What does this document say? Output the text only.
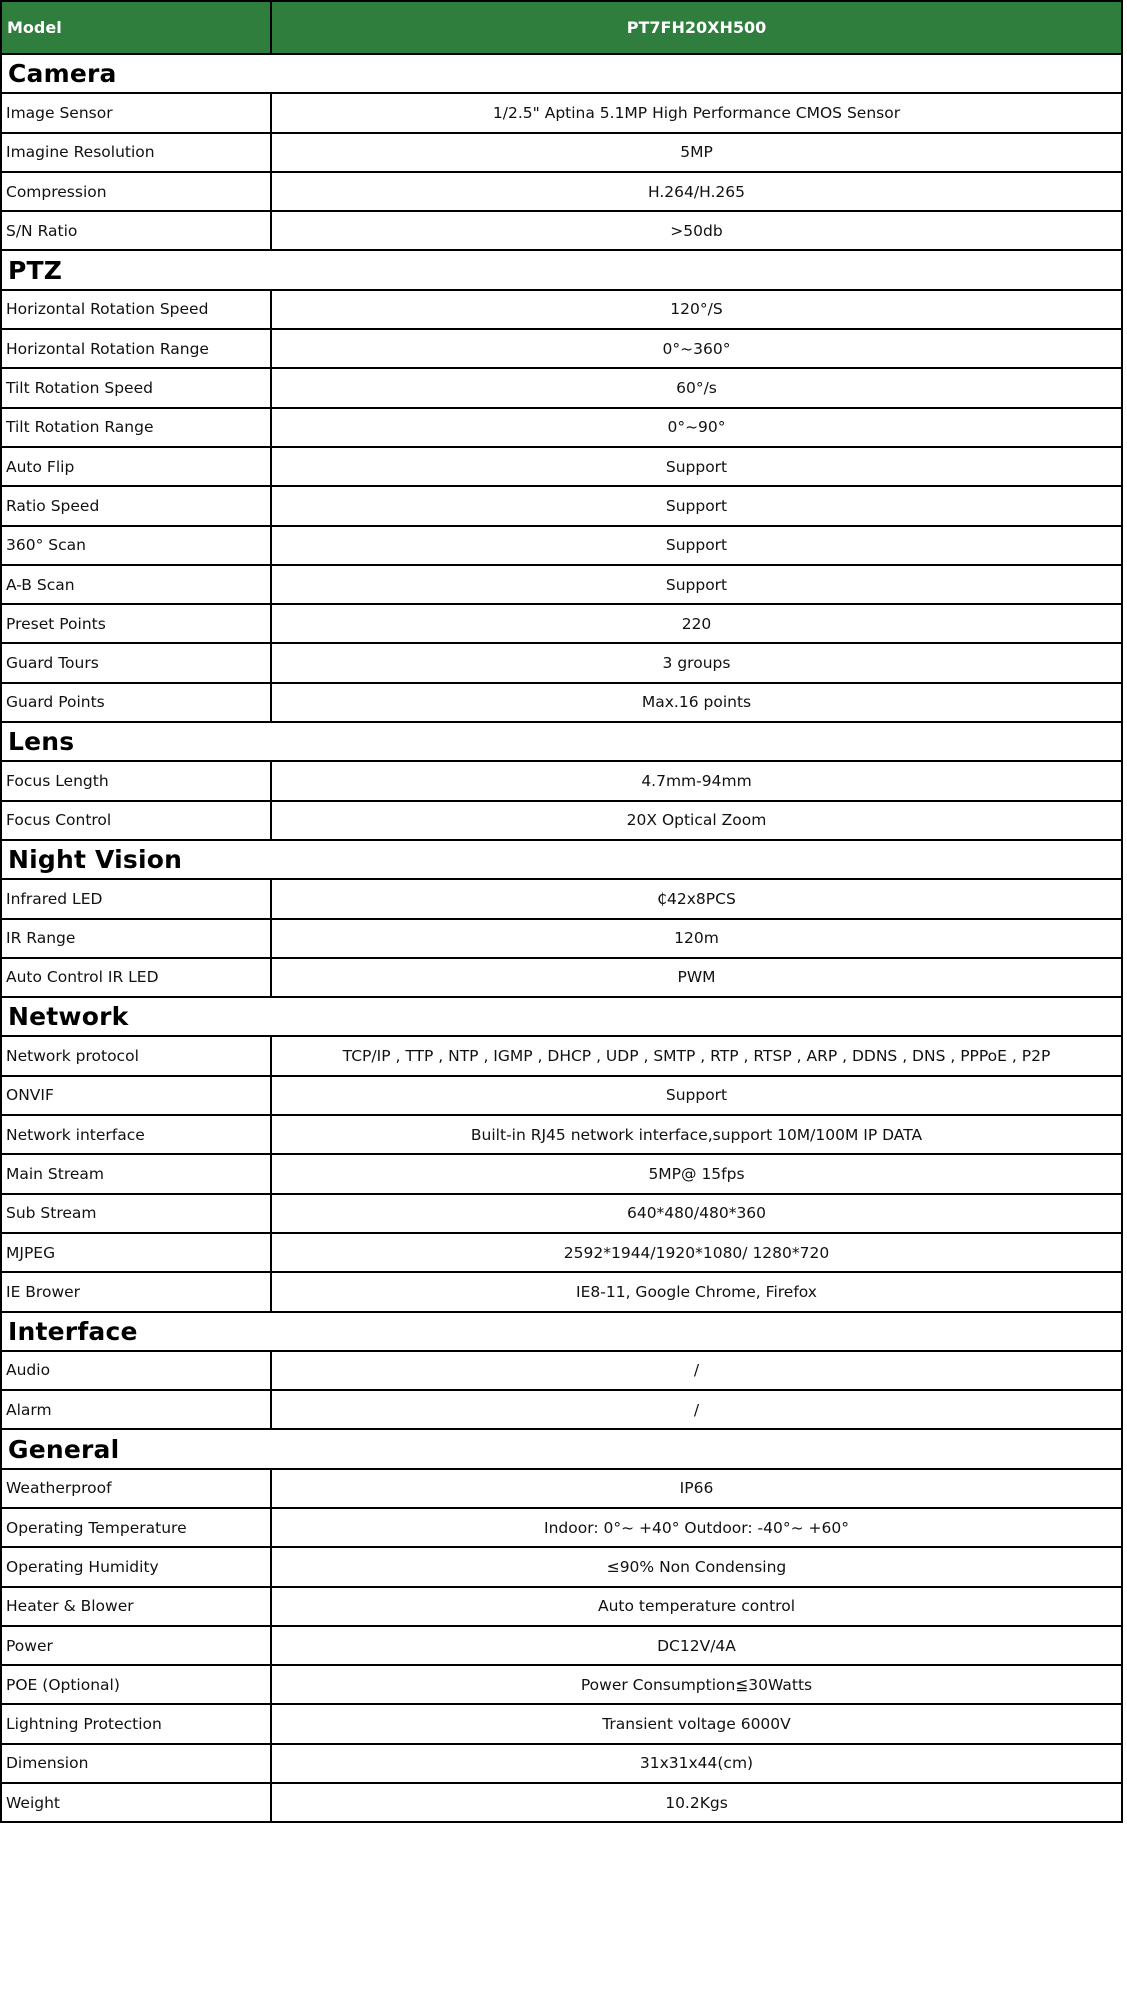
Model	PT7FH20XH500
Camera	
Image Sensor	1/2.5" Aptina 5.1MP High Performance CMOS Sensor
Imagine Resolution	5MP
Compression	H.264/H.265
S/N Ratio	>50db
PTZ	
Horizontal Rotation Speed	120°/S
Horizontal Rotation Range	0°~360°
Tilt Rotation Speed	60°/s
Tilt Rotation Range	0°~90°
Auto Flip	Support
Ratio Speed	Support
360° Scan	Support
A-B Scan	Support
Preset Points	220
Guard Tours	3 groups
Guard Points	Max.16 points
Lens	
Focus Length	4.7mm-94mm
Focus Control	20X Optical Zoom
Night Vision	
Infrared LED	₵42x8PCS
IR Range	120m
Auto Control IR LED	PWM
Network	
Network protocol	TCP/IP , TTP , NTP , IGMP , DHCP , UDP , SMTP , RTP , RTSP , ARP , DDNS , DNS , PPPoE , P2P
ONVIF	Support
Network interface	Built-in RJ45 network interface,support 10M/100M IP DATA
Main Stream	5MP@ 15fps
Sub Stream	640*480/480*360
MJPEG	2592*1944/1920*1080/ 1280*720
IE Brower	IE8-11, Google Chrome, Firefox
Interface	
Audio	/
Alarm	/
General	
Weatherproof	IP66
Operating Temperature	Indoor: 0°~ +40° Outdoor: -40°~ +60°
Operating Humidity	≤90% Non Condensing
Heater & Blower	Auto temperature control
Power	DC12V/4A
POE (Optional)	Power Consumption≦30Watts
Lightning Protection	Transient voltage 6000V
Dimension	31x31x44(cm)
Weight	10.2Kgs
